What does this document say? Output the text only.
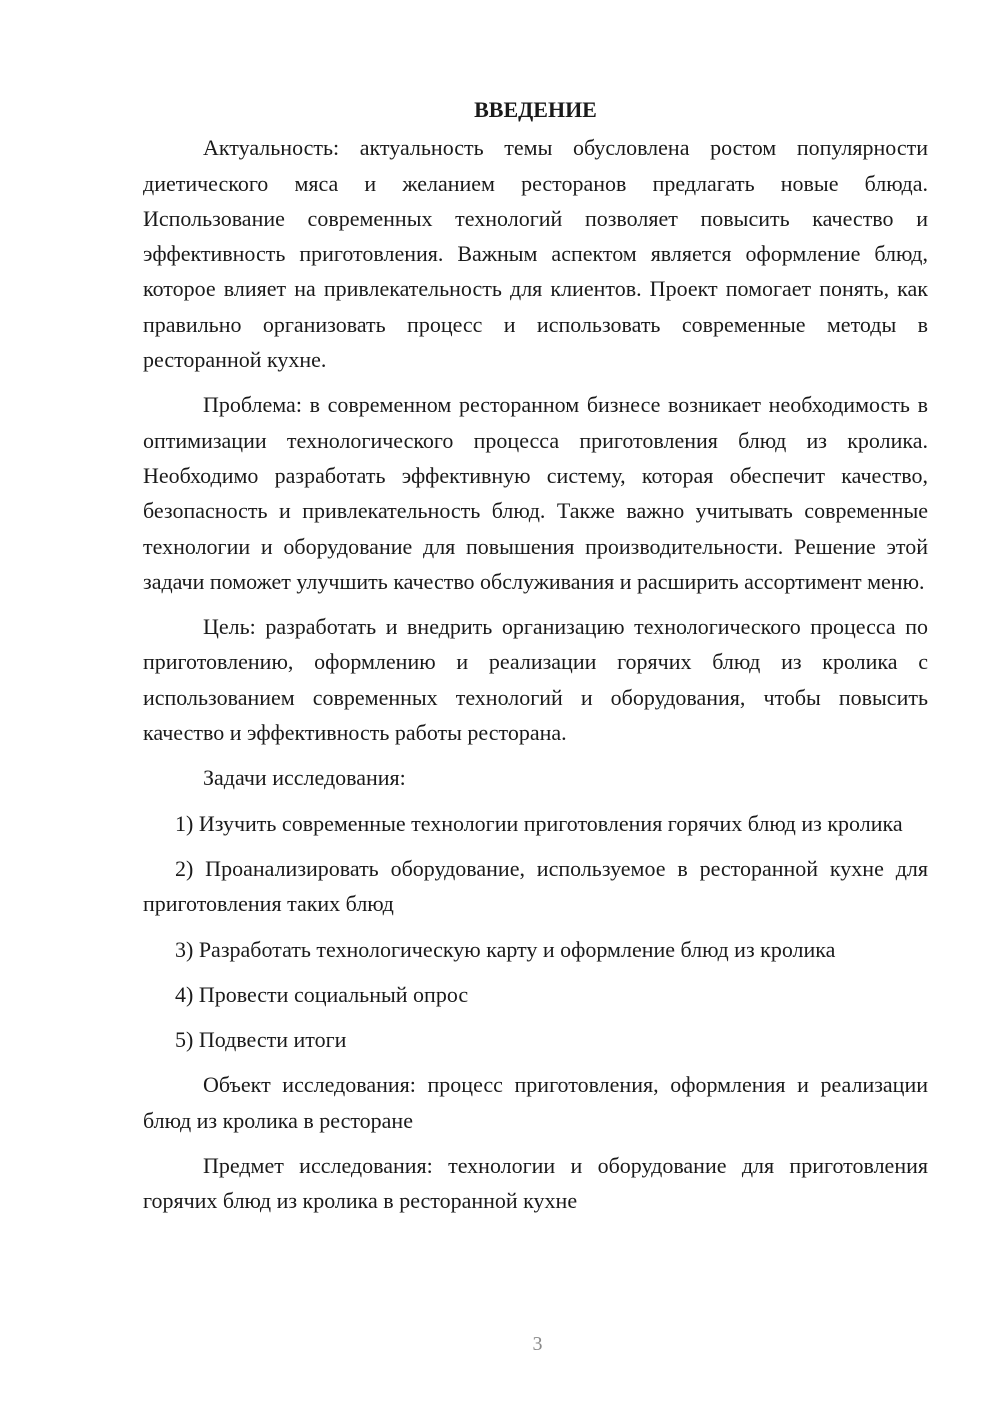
ВВЕДЕНИЕ

Актуальность: актуальность темы обусловлена ростом популярности диетического мяса и желанием ресторанов предлагать новые блюда. Использование современных технологий позволяет повысить качество и эффективность приготовления. Важным аспектом является оформление блюд, которое влияет на привлекательность для клиентов. Проект помогает понять, как правильно организовать процесс и использовать современные методы в ресторанной кухне.

Проблема: в современном ресторанном бизнесе возникает необходимость в оптимизации технологического процесса приготовления блюд из кролика. Необходимо разработать эффективную систему, которая обеспечит качество, безопасность и привлекательность блюд. Также важно учитывать современные технологии и оборудование для повышения производительности. Решение этой задачи поможет улучшить качество обслуживания и расширить ассортимент меню.

Цель: разработать и внедрить организацию технологического процесса по приготовлению, оформлению и реализации горячих блюд из кролика с использованием современных технологий и оборудования, чтобы повысить качество и эффективность работы ресторана.

Задачи исследования:

1) Изучить современные технологии приготовления горячих блюд из кролика

2) Проанализировать оборудование, используемое в ресторанной кухне для приготовления таких блюд

3) Разработать технологическую карту и оформление блюд из кролика

4) Провести социальный опрос

5) Подвести итоги

Объект исследования: процесс приготовления, оформления и реализации блюд из кролика в ресторане

Предмет исследования: технологии и оборудование для приготовления горячих блюд из кролика в ресторанной кухне

3
